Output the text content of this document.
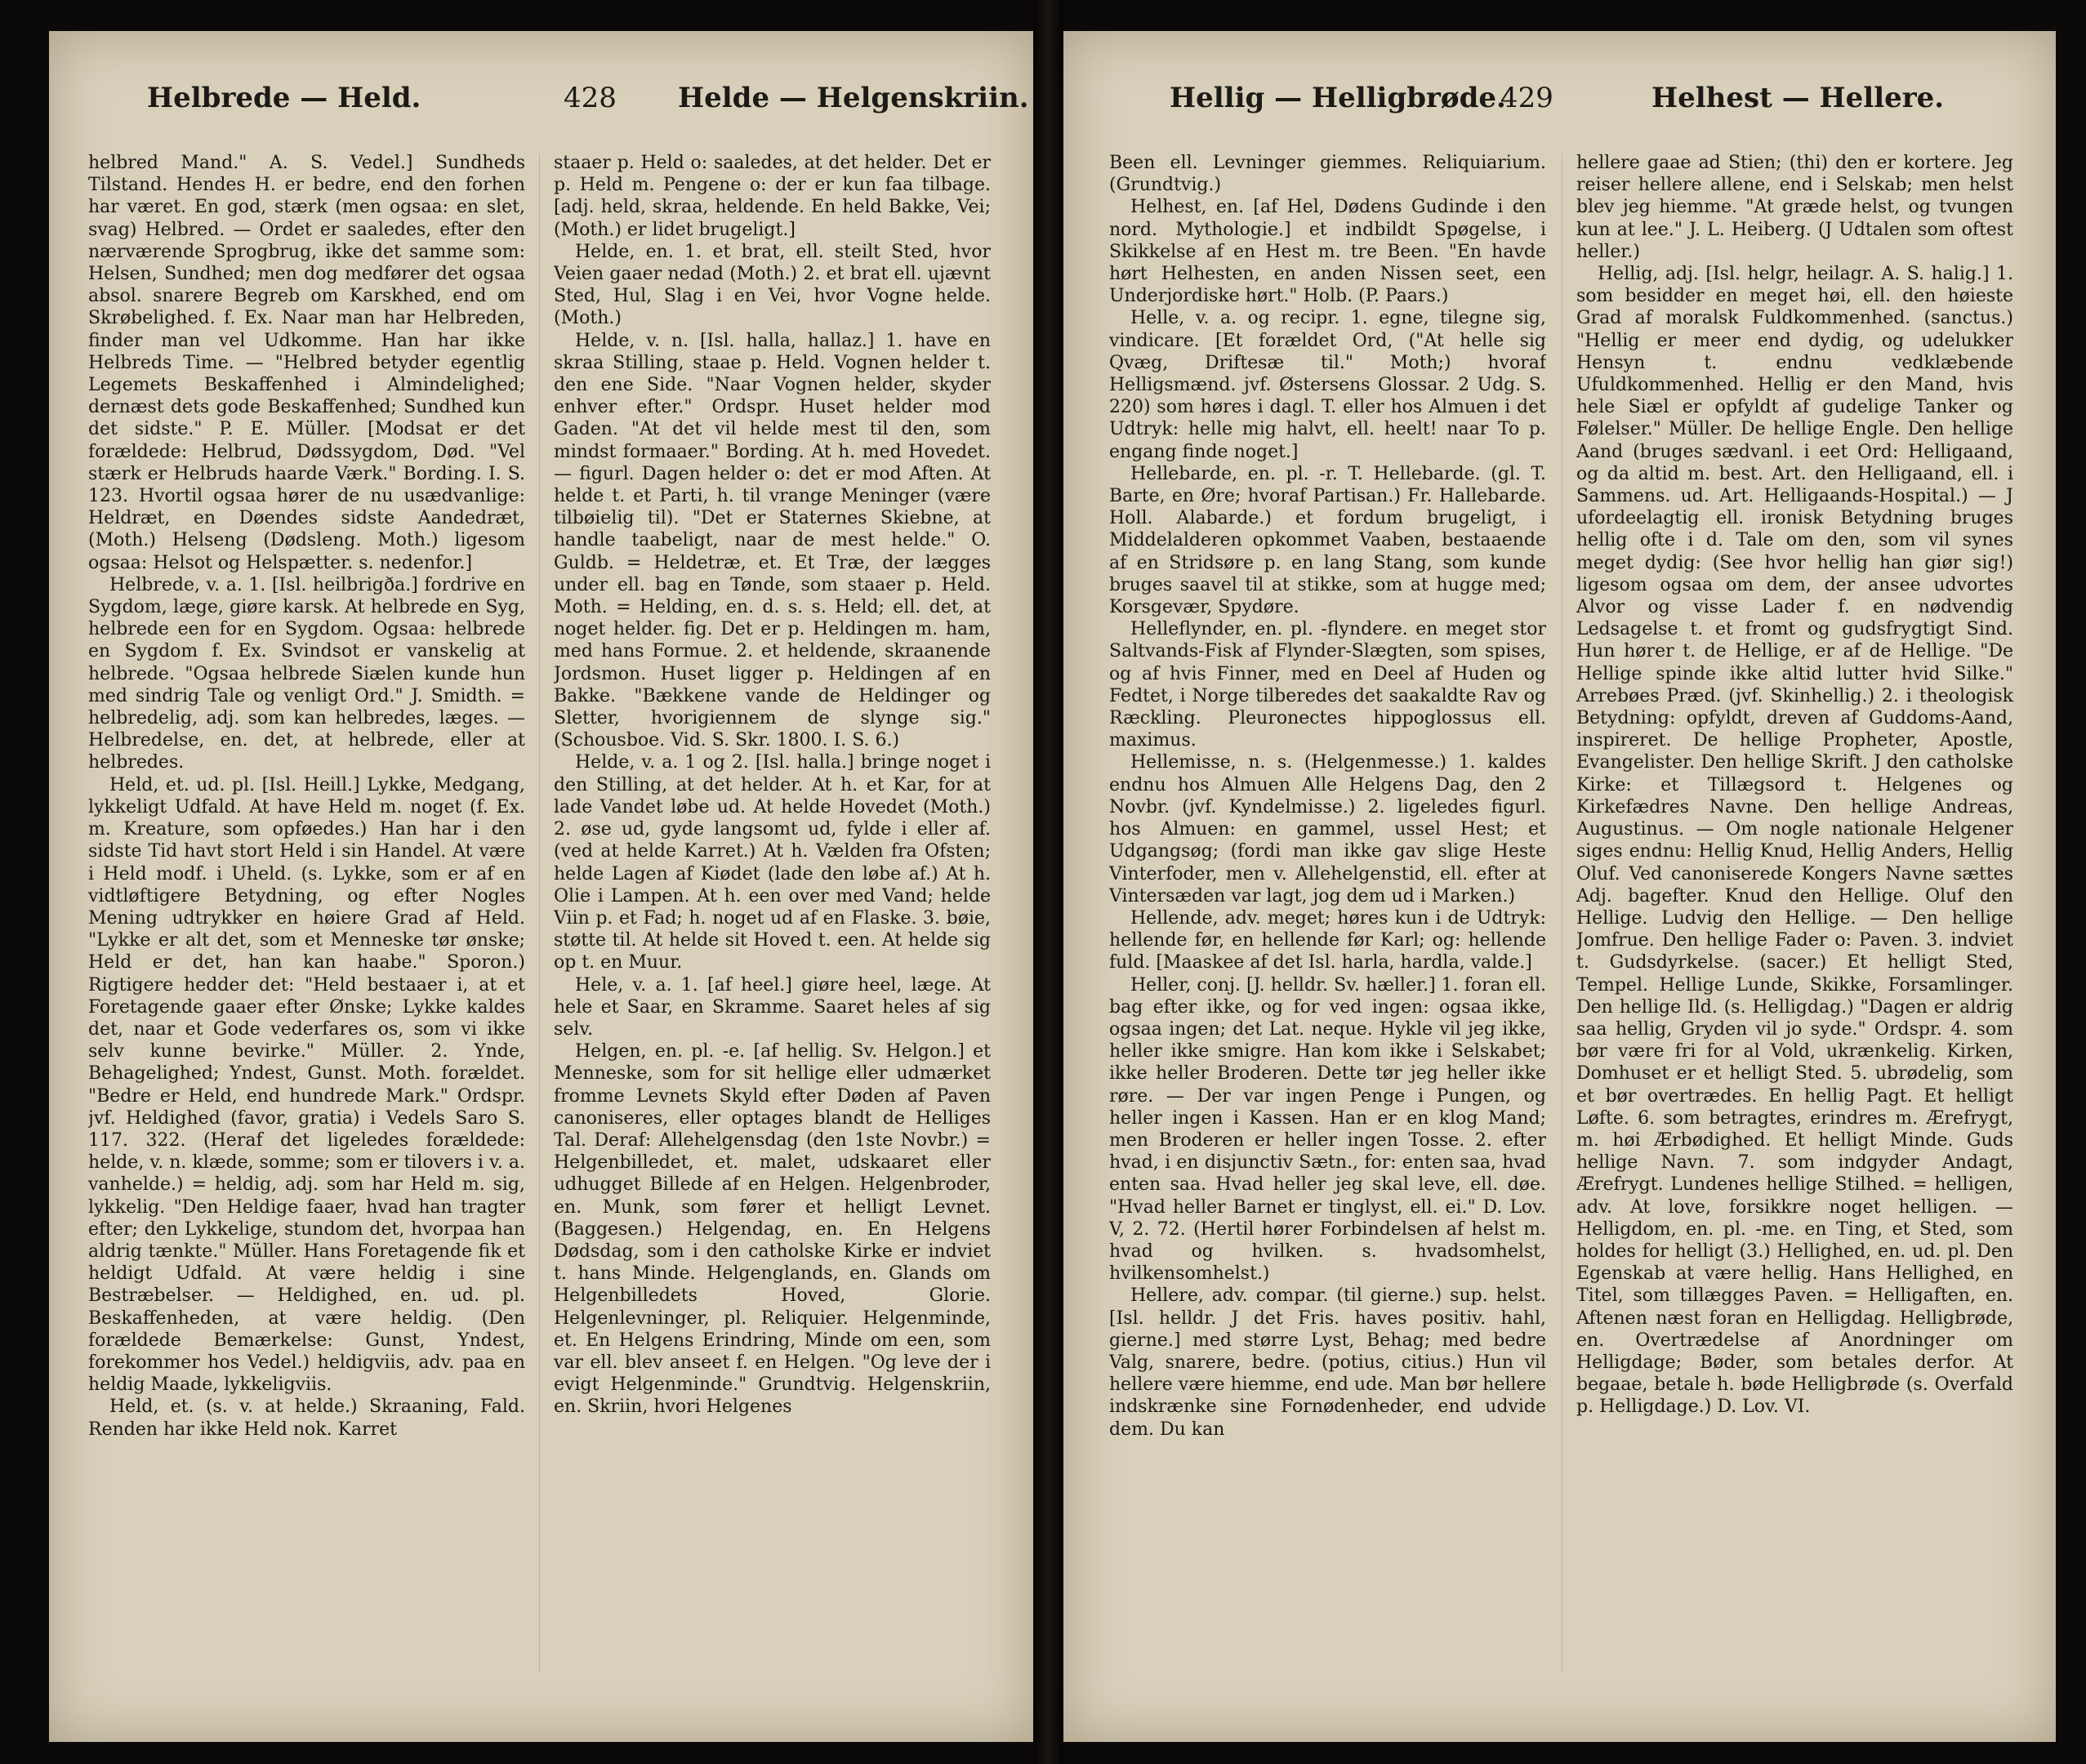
Helbrede — Held.	428 Helde — Helgenskriin.

helbred Mand." A. S. Vedel.] Sundheds Tilstand. Hendes H. er bedre, end den forhen har været. En god, stærk (men ogsaa: en slet, svag) Helbred. — Ordet er saaledes, efter den nærværende Sprogbrug, ikke det samme som: Helsen, Sundhed; men dog medfører det ogsaa absol. snarere Begreb om Karskhed, end om Skrøbelighed. f. Ex. Naar man har Helbreden, finder man vel Udkomme. Han har ikke Helbreds Time. — "Helbred betyder egentlig Legemets Beskaffenhed i Almindelighed; dernæst dets gode Beskaffenhed; Sundhed kun det sidste." P. E. Müller. [Modsat er det forældede: Helbrud, Dødssygdom, Død. "Vel stærk er Helbruds haarde Værk." Bording. I. S. 123. Hvortil ogsaa hører de nu usædvanlige: Heldræt, en Døendes sidste Aandedræt, (Moth.) Helseng (Dødsleng. Moth.) ligesom ogsaa: Helsot og Helspætter. s. nedenfor.]

Helbrede, v. a. 1. [Isl. heilbrigða.] fordrive en Sygdom, læge, giøre karsk. At helbrede en Syg, helbrede een for en Sygdom. Ogsaa: helbrede en Sygdom f. Ex. Svindsot er vanskelig at helbrede. "Ogsaa helbrede Siælen kunde hun med sindrig Tale og venligt Ord." J. Smidth. = helbredelig, adj. som kan helbredes, læges. — Helbredelse, en. det, at helbrede, eller at helbredes.

Held, et. ud. pl. [Isl. Heill.] Lykke, Medgang, lykkeligt Udfald. At have Held m. noget (f. Ex. m. Kreature, som opføedes.) Han har i den sidste Tid havt stort Held i sin Handel. At være i Held modf. i Uheld. (s. Lykke, som er af en vidtløftigere Betydning, og efter Nogles Mening udtrykker en høiere Grad af Held. "Lykke er alt det, som et Menneske tør ønske; Held er det, han kan haabe." Sporon.) Rigtigere hedder det: "Held bestaaer i, at et Foretagende gaaer efter Ønske; Lykke kaldes det, naar et Gode vederfares os, som vi ikke selv kunne bevirke." Müller. 2. Ynde, Behagelighed; Yndest, Gunst. Moth. forældet. "Bedre er Held, end hundrede Mark." Ordspr. jvf. Heldighed (favor, gratia) i Vedels Saro S. 117. 322. (Heraf det ligeledes forældede: helde, v. n. klæde, somme; som er tilovers i v. a. vanhelde.) = heldig, adj. som har Held m. sig, lykkelig. "Den Heldige faaer, hvad han tragter efter; den Lykkelige, stundom det, hvorpaa han aldrig tænkte." Müller. Hans Foretagende fik et heldigt Udfald. At være heldig i sine Bestræbelser. — Heldighed, en. ud. pl. Beskaffenheden, at være heldig. (Den forældede Bemærkelse: Gunst, Yndest, forekommer hos Vedel.) heldigviis, adv. paa en heldig Maade, lykkeligviis.

Held, et. (s. v. at helde.) Skraaning, Fald. Renden har ikke Held nok. Karret

staaer p. Held o: saaledes, at det helder. Det er p. Held m. Pengene o: der er kun faa tilbage. [adj. held, skraa, heldende. En held Bakke, Vei; (Moth.) er lidet brugeligt.]

Helde, en. 1. et brat, ell. steilt Sted, hvor Veien gaaer nedad (Moth.) 2. et brat ell. ujævnt Sted, Hul, Slag i en Vei, hvor Vogne helde. (Moth.)

Helde, v. n. [Isl. halla, hallaz.] 1. have en skraa Stilling, staae p. Held. Vognen helder t. den ene Side. "Naar Vognen helder, skyder enhver efter." Ordspr. Huset helder mod Gaden. "At det vil helde mest til den, som mindst formaaer." Bording. At h. med Hovedet. — figurl. Dagen helder o: det er mod Aften. At helde t. et Parti, h. til vrange Meninger (være tilbøielig til). "Det er Staternes Skiebne, at handle taabeligt, naar de mest helde." O. Guldb. = Heldetræ, et. Et Træ, der lægges under ell. bag en Tønde, som staaer p. Held. Moth. = Helding, en. d. s. s. Held; ell. det, at noget helder. fig. Det er p. Heldingen m. ham, med hans Formue. 2. et heldende, skraanende Jordsmon. Huset ligger p. Heldingen af en Bakke. "Bækkene vande de Heldinger og Sletter, hvorigiennem de slynge sig." (Schousboe. Vid. S. Skr. 1800. I. S. 6.)

Helde, v. a. 1 og 2. [Isl. halla.] bringe noget i den Stilling, at det helder. At h. et Kar, for at lade Vandet løbe ud. At helde Hovedet (Moth.) 2. øse ud, gyde langsomt ud, fylde i eller af. (ved at helde Karret.) At h. Vælden fra Ofsten; helde Lagen af Kiødet (lade den løbe af.) At h. Olie i Lampen. At h. een over med Vand; helde Viin p. et Fad; h. noget ud af en Flaske. 3. bøie, støtte til. At helde sit Hoved t. een. At helde sig op t. en Muur.

Hele, v. a. 1. [af heel.] giøre heel, læge. At hele et Saar, en Skramme. Saaret heles af sig selv.

Helgen, en. pl. -e. [af hellig. Sv. Helgon.] et Menneske, som for sit hellige eller udmærket fromme Levnets Skyld efter Døden af Paven canoniseres, eller optages blandt de Helliges Tal. Deraf: Allehelgensdag (den 1ste Novbr.) = Helgenbilledet, et. malet, udskaaret eller udhugget Billede af en Helgen. Helgenbroder, en. Munk, som fører et helligt Levnet. (Baggesen.) Helgendag, en. En Helgens Dødsdag, som i den catholske Kirke er indviet t. hans Minde. Helgenglands, en. Glands om Helgenbilledets Hoved, Glorie. Helgenlevninger, pl. Reliquier. Helgenminde, et. En Helgens Erindring, Minde om een, som var ell. blev anseet f. en Helgen. "Og leve der i evigt Helgenminde." Grundtvig. Helgenskriin, en. Skriin, hvori Helgenes

Hellig — Helligbrøde.
429	Helhest — Hellere.

Been ell. Levninger giemmes. Reliquiarium. (Grundtvig.)

Helhest, en. [af Hel, Dødens Gudinde i den nord. Mythologie.] et indbildt Spøgelse, i Skikkelse af en Hest m. tre Been. "En havde hørt Helhesten, en anden Nissen seet, een Underjordiske hørt." Holb. (P. Paars.)

Helle, v. a. og recipr. 1. egne, tilegne sig, vindicare. [Et forældet Ord, ("At helle sig Qvæg, Driftesæ til." Moth;) hvoraf Helligsmænd. jvf. Østersens Glossar. 2 Udg. S. 220) som høres i dagl. T. eller hos Almuen i det Udtryk: helle mig halvt, ell. heelt! naar To p. engang finde noget.]

Hellebarde, en. pl. -r. T. Hellebarde. (gl. T. Barte, en Øre; hvoraf Partisan.) Fr. Hallebarde. Holl. Alabarde.) et fordum brugeligt, i Middelalderen opkommet Vaaben, bestaaende af en Stridsøre p. en lang Stang, som kunde bruges saavel til at stikke, som at hugge med; Korsgevær, Spydøre.

Helleflynder, en. pl. -flyndere. en meget stor Saltvands-Fisk af Flynder-Slægten, som spises, og af hvis Finner, med en Deel af Huden og Fedtet, i Norge tilberedes det saakaldte Rav og Ræckling. Pleuronectes hippoglossus ell. maximus.

Hellemisse, n. s. (Helgenmesse.) 1. kaldes endnu hos Almuen Alle Helgens Dag, den 2 Novbr. (jvf. Kyndelmisse.) 2. ligeledes figurl. hos Almuen: en gammel, ussel Hest; et Udgangsøg; (fordi man ikke gav slige Heste Vinterfoder, men v. Allehelgenstid, ell. efter at Vintersæden var lagt, jog dem ud i Marken.)

Hellende, adv. meget; høres kun i de Udtryk: hellende før, en hellende før Karl; og: hellende fuld. [Maaskee af det Isl. harla, hardla, valde.]

Heller, conj. [J. helldr. Sv. hæller.] 1. foran ell. bag efter ikke, og for ved ingen: ogsaa ikke, ogsaa ingen; det Lat. neque. Hykle vil jeg ikke, heller ikke smigre. Han kom ikke i Selskabet; ikke heller Broderen. Dette tør jeg heller ikke røre. — Der var ingen Penge i Pungen, og heller ingen i Kassen. Han er en klog Mand; men Broderen er heller ingen Tosse. 2. efter hvad, i en disjunctiv Sætn., for: enten saa, hvad enten saa. Hvad heller jeg skal leve, ell. døe. "Hvad heller Barnet er tinglyst, ell. ei." D. Lov. V, 2. 72. (Hertil hører Forbindelsen af helst m. hvad og hvilken. s. hvadsomhelst, hvilkensomhelst.)

Hellere, adv. compar. (til gierne.) sup. helst. [Isl. helldr. J det Fris. haves positiv. hahl, gierne.] med større Lyst, Behag; med bedre Valg, snarere, bedre. (potius, citius.) Hun vil hellere være hiemme, end ude. Man bør hellere indskrænke sine Fornødenheder, end udvide dem. Du kan

hellere gaae ad Stien; (thi) den er kortere. Jeg reiser hellere allene, end i Selskab; men helst blev jeg hiemme. "At græde helst, og tvungen kun at lee." J. L. Heiberg. (J Udtalen som oftest heller.)

Hellig, adj. [Isl. helgr, heilagr. A. S. halig.] 1. som besidder en meget høi, ell. den høieste Grad af moralsk Fuldkommenhed. (sanctus.) "Hellig er meer end dydig, og udelukker Hensyn t. endnu vedklæbende Ufuldkommenhed. Hellig er den Mand, hvis hele Siæl er opfyldt af gudelige Tanker og Følelser." Müller. De hellige Engle. Den hellige Aand (bruges sædvanl. i eet Ord: Helligaand, og da altid m. best. Art. den Helligaand, ell. i Sammens. ud. Art. Helligaands-Hospital.) — J ufordeelagtig ell. ironisk Betydning bruges hellig ofte i d. Tale om den, som vil synes meget dydig: (See hvor hellig han giør sig!) ligesom ogsaa om dem, der anseе udvortes Alvor og visse Lader f. en nødvendig Ledsagelse t. et fromt og gudsfrygtigt Sind. Hun hører t. de Hellige, er af de Hellige. "De Hellige spinde ikke altid lutter hvid Silke." Arrebøes Præd. (jvf. Skinhellig.) 2. i theologisk Betydning: opfyldt, dreven af Guddoms-Aand, inspireret. De hellige Propheter, Apostle, Evangelister. Den hellige Skrift. J den catholske Kirke: et Tillægsord t. Helgenes og Kirkefædres Navne. Den hellige Andreas, Augustinus. — Om nogle nationale Helgener siges endnu: Hellig Knud, Hellig Anders, Hellig Oluf. Ved canoniserede Kongers Navne sættes Adj. bagefter. Knud den Hellige. Oluf den Hellige. Ludvig den Hellige. — Den hellige Jomfrue. Den hellige Fader o: Paven. 3. indviet t. Gudsdyrkelse. (sacer.) Et helligt Sted, Tempel. Hellige Lunde, Skikke, Forsamlinger. Den hellige Ild. (s. Helligdag.) "Dagen er aldrig saa hellig, Gryden vil jo syde." Ordspr. 4. som bør være fri for al Vold, ukrænkelig. Kirken, Domhuset er et helligt Sted. 5. ubrødelig, som et bør overtrædes. En hellig Pagt. Et helligt Løfte. 6. som betragtes, erindres m. Ærefrygt, m. høi Ærbødighed. Et helligt Minde. Guds hellige Navn. 7. som indgyder Andagt, Ærefrygt. Lundenes hellige Stilhed. = helligen, adv. At love, forsikkre noget helligen. — Helligdom, en. pl. -me. en Ting, et Sted, som holdes for helligt (3.) Hellighed, en. ud. pl. Den Egenskab at være hellig. Hans Hellighed, en Titel, som tillægges Paven. = Helligaften, en. Aftenen næst foran en Helligdag. Helligbrøde, en. Overtrædelse af Anordninger om Helligdage; Bøder, som betales derfor. At begaae, betale h. bøde Helligbrøde (s. Overfald p. Helligdage.) D. Lov. VI.
